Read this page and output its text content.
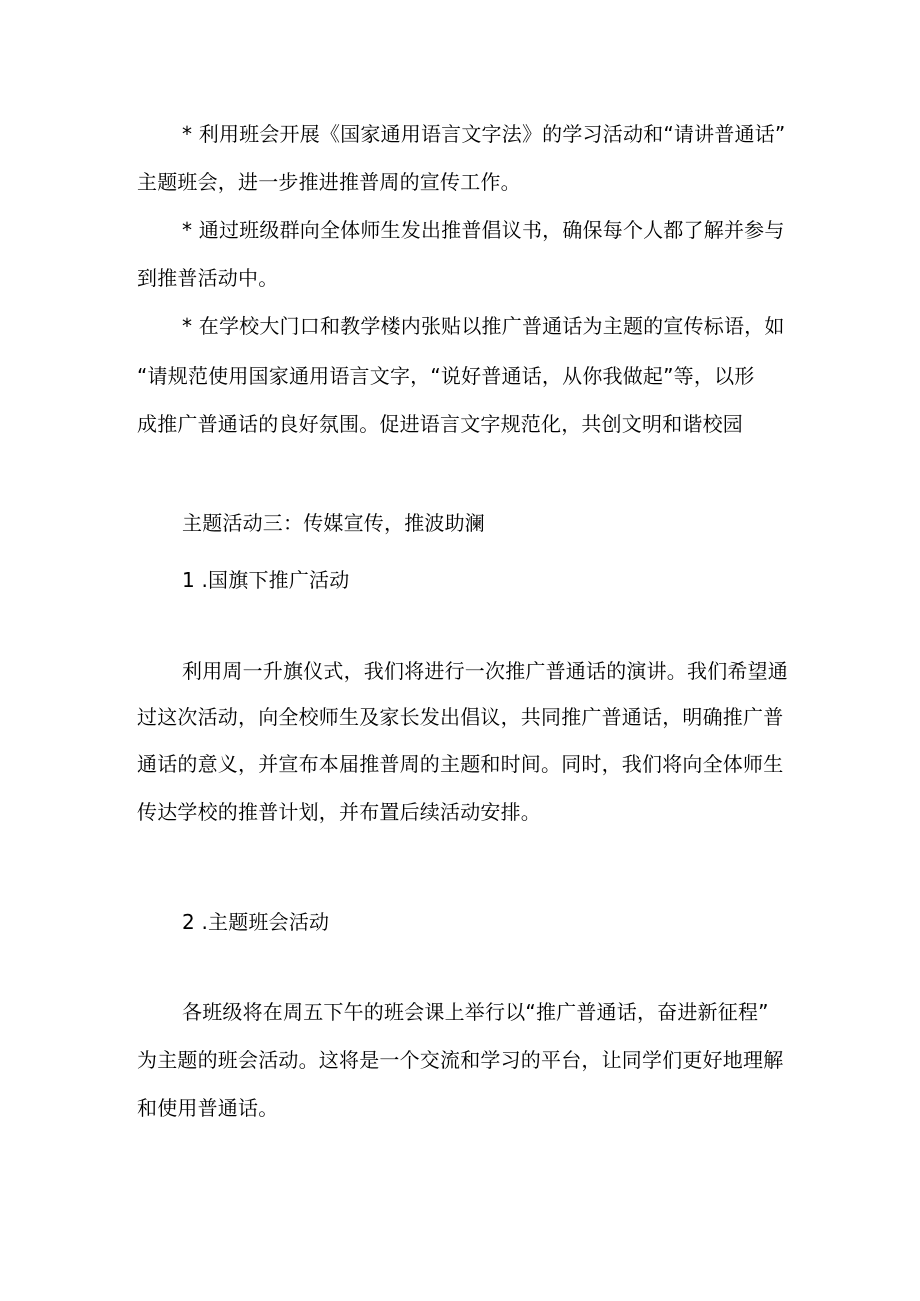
* 利用班会开展《国家通用语言文字法》的学习活动和“请讲普通话”
主题班会，进一步推进推普周的宣传工作。
* 通过班级群向全体师生发出推普倡议书，确保每个人都了解并参与
到推普活动中。
* 在学校大门口和教学楼内张贴以推广普通话为主题的宣传标语，如
“请规范使用国家通用语言文字，“说好普通话，从你我做起”等，以形
成推广普通话的良好氛围。促进语言文字规范化，共创文明和谐校园
主题活动三：传媒宣传，推波助澜
1 .国旗下推广活动
利用周一升旗仪式，我们将进行一次推广普通话的演讲。我们希望通
过这次活动，向全校师生及家长发出倡议，共同推广普通话，明确推广普
通话的意义，并宣布本届推普周的主题和时间。同时，我们将向全体师生
传达学校的推普计划，并布置后续活动安排。
2 .主题班会活动
各班级将在周五下午的班会课上举行以“推广普通话，奋进新征程”
为主题的班会活动。这将是一个交流和学习的平台，让同学们更好地理解
和使用普通话。
